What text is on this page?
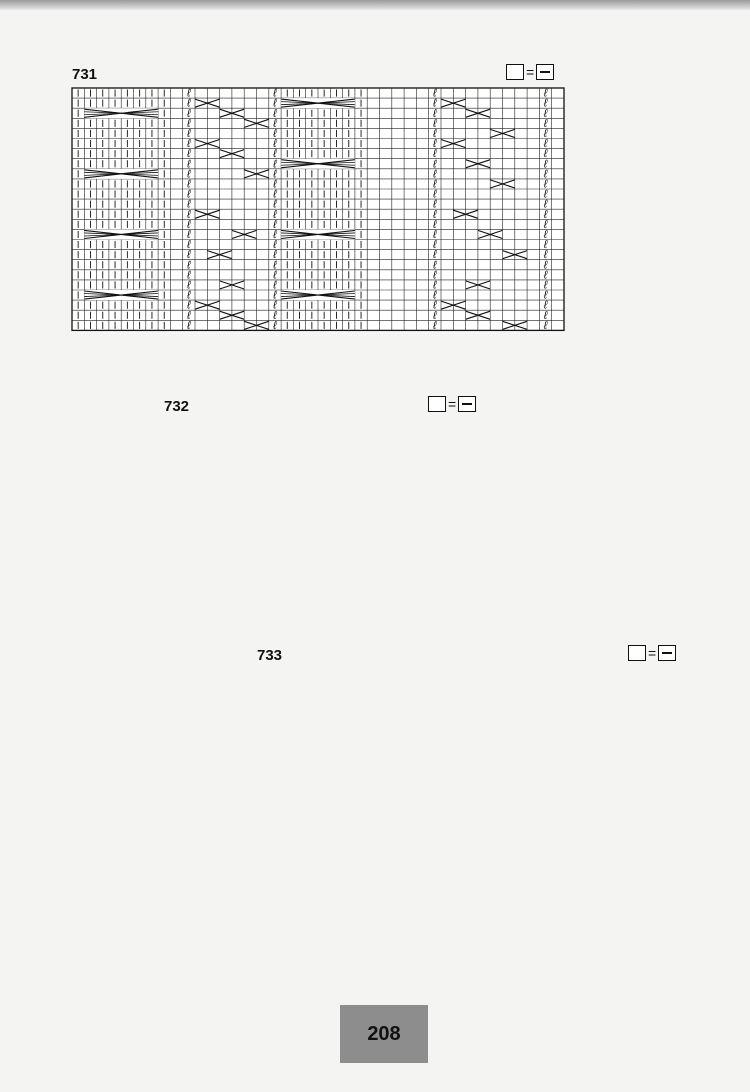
731	=
ℓ
ℓ
ℓ
ℓ
ℓ
ℓ
ℓ
ℓ
ℓ
ℓ
ℓ
ℓ
ℓ
ℓ
ℓ
ℓ
ℓ
ℓ
ℓ
ℓ
ℓ
ℓ
ℓ
ℓ
ℓ
ℓ
ℓ
ℓ
ℓ
ℓ
ℓ
ℓ
ℓ
ℓ
ℓ
ℓ
ℓ
ℓ
ℓ
ℓ
ℓ
ℓ
ℓ
ℓ
ℓ
ℓ
ℓ
ℓ
ℓ
ℓ
ℓ
ℓ
ℓ
ℓ
ℓ
ℓ
ℓ
ℓ
ℓ
ℓ
ℓ
ℓ
ℓ
ℓ
ℓ
ℓ
ℓ
ℓ
ℓ
ℓ
ℓ
ℓ
ℓ
ℓ
ℓ
ℓ
ℓ
ℓ
ℓ
ℓ
ℓ
ℓ
ℓ
ℓ
ℓ
ℓ
ℓ
ℓ
ℓ
ℓ
ℓ
ℓ
ℓ
ℓ
ℓ
ℓ
732	=
733	=
208
